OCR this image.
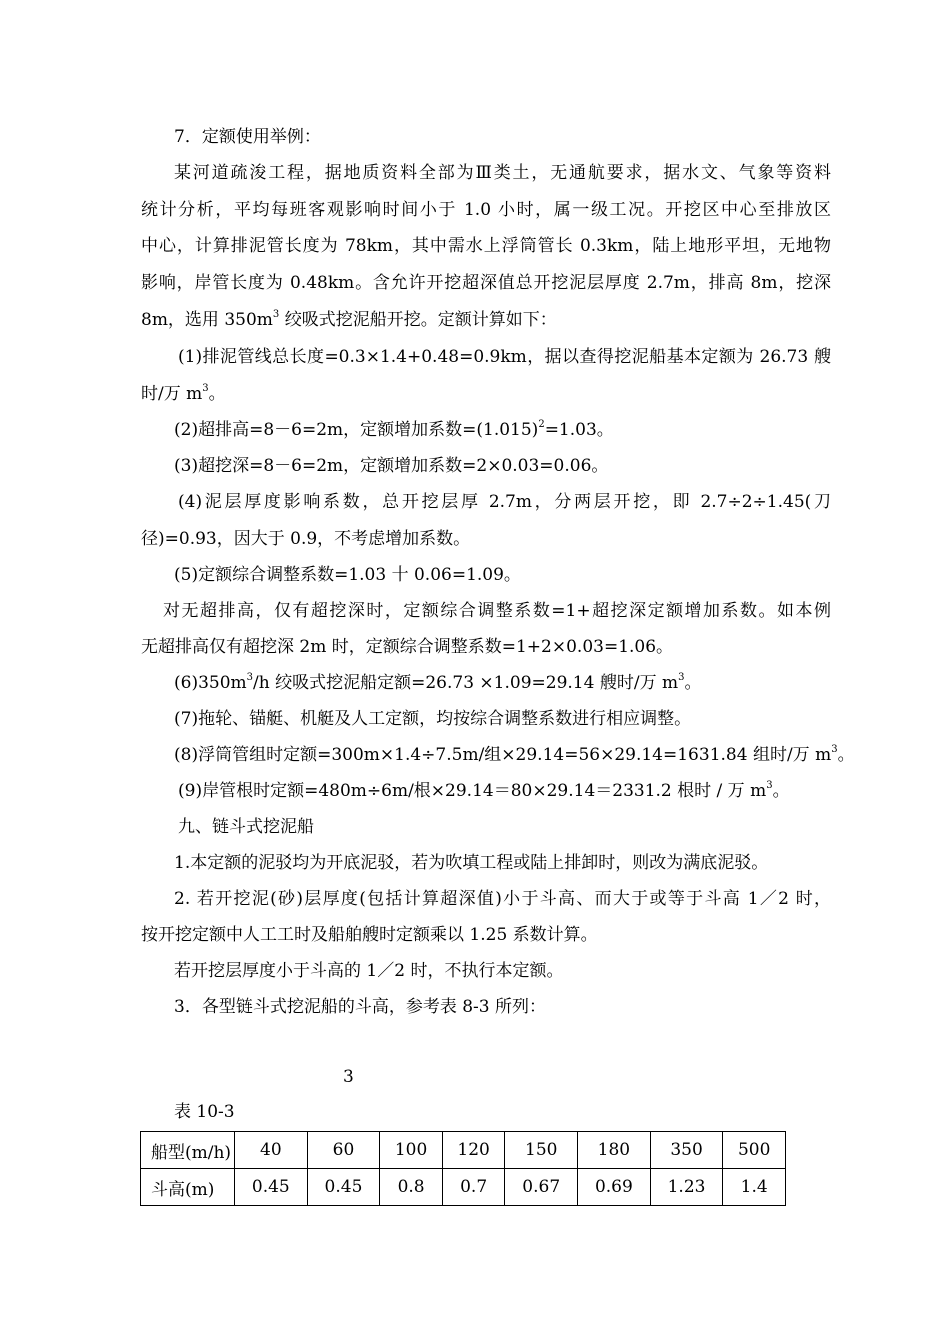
7．定额使用举例：

某河道疏浚工程，据地质资料全部为Ⅲ类土，无通航要求，据水文、气象等资料

统计分析，平均每班客观影响时间小于 1.0 小时，属一级工况。开挖区中心至排放区

中心，计算排泥管长度为 78km，其中需水上浮筒管长 0.3km，陆上地形平坦，无地物

影响，岸管长度为 0.48km。含允许开挖超深值总开挖泥层厚度 2.7m，排高 8m，挖深

8m，选用 $350m^3$ 绞吸式挖泥船开挖。定额计算如下：

(1)排泥管线总长度=0.3×1.4+0.48=0.9km，据以查得挖泥船基本定额为 26.73 艘

时/万 $m^3$。

(2)超排高=8－6=2m，定额增加系数$=(1.015)^2=1.03$。

(3)超挖深=8－6=2m，定额增加系数=2×0.03=0.06。

(4)泥层厚度影响系数，总开挖层厚 2.7m，分两层开挖，即 2.7÷2÷1.45(刀

径)=0.93，因大于 0.9，不考虑增加系数。

(5)定额综合调整系数=1.03 十 0.06=1.09。

对无超排高，仅有超挖深时，定额综合调整系数=1+超挖深定额增加系数。如本例

无超排高仅有超挖深 2m 时，定额综合调整系数=1+2×0.03=1.06。

$(6)350m^3/h$ 绞吸式挖泥船定额=26.73 ×1.09=29.14 艘时/万 $m^3$。

(7)拖轮、锚艇、机艇及人工定额，均按综合调整系数进行相应调整。

(8)浮筒管组时定额=300m×1.4÷7.5m/组×29.14=56×29.14=1631.84 组时/万 $m^3$。

(9)岸管根时定额=480m÷6m/根×29.14＝80×29.14＝2331.2 根时 / 万 $m^3$。

九、链斗式挖泥船

1.本定额的泥驳均为开底泥驳，若为吹填工程或陆上排卸时，则改为满底泥驳。

2. 若开挖泥(砂)层厚度(包括计算超深值)小于斗高、而大于或等于斗高 1／2 时，

按开挖定额中人工工时及船舶艘时定额乘以 1.25 系数计算。

若开挖层厚度小于斗高的 1／2 时，不执行本定额。

3．各型链斗式挖泥船的斗高，参考表 8-3 所列：

3

表 10-3

船型(m/h)	40	60	100	120	150	180	350	500
斗高(m)	0.45	0.45	0.8	0.7	0.67	0.69	1.23	1.4
